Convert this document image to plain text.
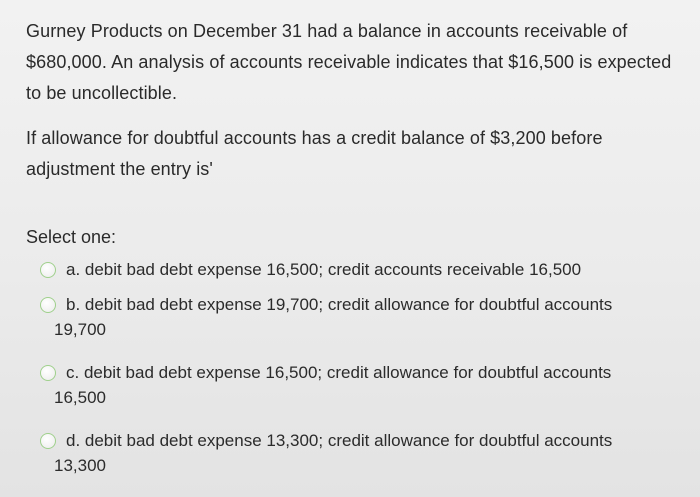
Gurney Products on December 31 had a balance in accounts receivable of $680,000. An analysis of accounts receivable indicates that $16,500 is expected to be uncollectible.

If allowance for doubtful accounts has a credit balance of $3,200 before adjustment the entry is'

Select one:
a. debit bad debt expense 16,500; credit accounts receivable 16,500
b. debit bad debt expense 19,700; credit allowance for doubtful accounts
19,700
c. debit bad debt expense 16,500; credit allowance for doubtful accounts
16,500
d. debit bad debt expense 13,300; credit allowance for doubtful accounts
13,300
